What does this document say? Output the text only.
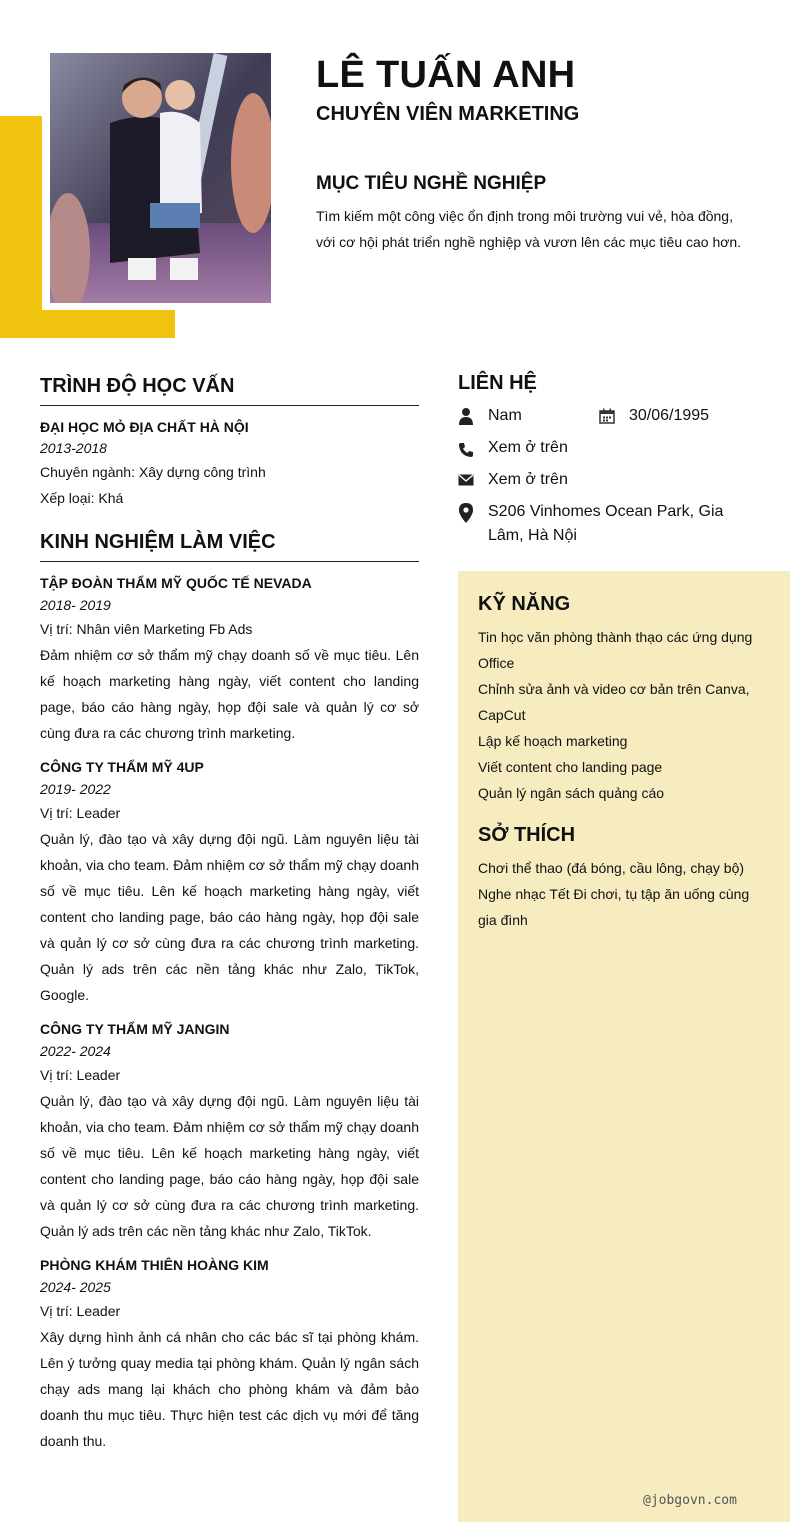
LÊ TUẤN ANH
CHUYÊN VIÊN MARKETING
MỤC TIÊU NGHỀ NGHIỆP
Tìm kiếm một công việc ổn định trong môi trường vui vẻ, hòa đồng, với cơ hội phát triển nghề nghiệp và vươn lên các mục tiêu cao hơn.
TRÌNH ĐỘ HỌC VẤN
ĐẠI HỌC MỎ ĐỊA CHẤT HÀ NỘI
2013-2018
Chuyên ngành: Xây dựng công trình
Xếp loại: Khá
KINH NGHIỆM LÀM VIỆC
TẬP ĐOÀN THẨM MỸ QUỐC TẾ NEVADA
2018- 2019
Vị trí: Nhân viên Marketing Fb Ads
Đảm nhiệm cơ sở thẩm mỹ chạy doanh số về mục tiêu. Lên kế hoạch marketing hàng ngày, viết content cho landing page, báo cáo hàng ngày, họp đội sale và quản lý cơ sở cùng đưa ra các chương trình marketing.
CÔNG TY THẨM MỸ 4UP
2019- 2022
Vị trí: Leader
Quản lý, đào tạo và xây dựng đội ngũ. Làm nguyên liệu tài khoản, via cho team. Đảm nhiệm cơ sở thẩm mỹ chạy doanh số về mục tiêu. Lên kế hoạch marketing hàng ngày, viết content cho landing page, báo cáo hàng ngày, họp đội sale và quản lý cơ sở cùng đưa ra các chương trình marketing. Quản lý ads trên các nền tảng khác như Zalo, TikTok, Google.
CÔNG TY THẨM MỸ JANGIN
2022- 2024
Vị trí: Leader
Quản lý, đào tạo và xây dựng đội ngũ. Làm nguyên liệu tài khoản, via cho team. Đảm nhiệm cơ sở thẩm mỹ chạy doanh số về mục tiêu. Lên kế hoạch marketing hàng ngày, viết content cho landing page, báo cáo hàng ngày, họp đội sale và quản lý cơ sở cùng đưa ra các chương trình marketing. Quản lý ads trên các nền tảng khác như Zalo, TikTok.
PHÒNG KHÁM THIÊN HOÀNG KIM
2024- 2025
Vị trí: Leader
Xây dựng hình ảnh cá nhân cho các bác sĩ tại phòng khám. Lên ý tưởng quay media tại phòng khám. Quản lý ngân sách chạy ads mang lại khách cho phòng khám và đảm bảo doanh thu mục tiêu. Thực hiện test các dịch vụ mới để tăng doanh thu.
LIÊN HỆ
Nam	30/06/1995
Xem ở trên
Xem ở trên
S206 Vinhomes Ocean Park, Gia Lâm, Hà Nội
KỸ NĂNG
Tin học văn phòng thành thạo các ứng dụng Office
Chỉnh sửa ảnh và video cơ bản trên Canva, CapCut
Lập kế hoạch marketing
Viết content cho landing page
Quản lý ngân sách quảng cáo
SỞ THÍCH
Chơi thể thao (đá bóng, cầu lông, chạy bộ)
Nghe nhạc Tết Đi chơi, tụ tập ăn uống cùng gia đình
@jobgovn.com
